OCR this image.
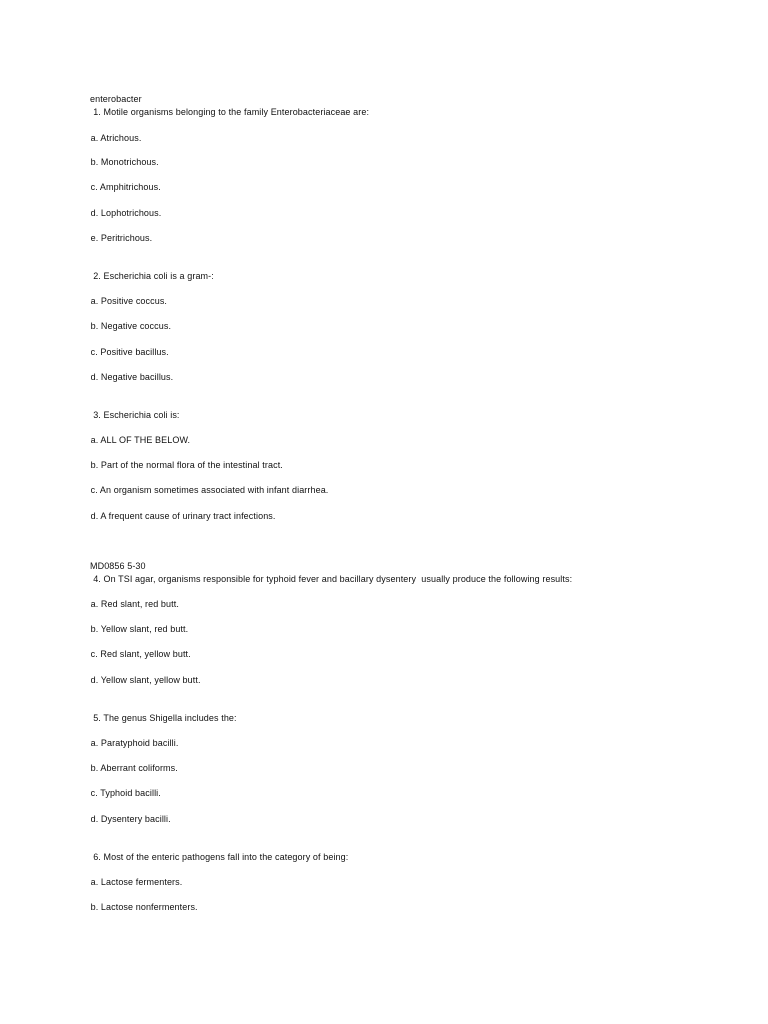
enterobacter
1. Motile organisms belonging to the family Enterobacteriaceae are:
a. Atrichous.
b. Monotrichous.
c. Amphitrichous.
d. Lophotrichous.
e. Peritrichous.
2. Escherichia coli is a gram-:
a. Positive coccus.
b. Negative coccus.
c. Positive bacillus.
d. Negative bacillus.
3. Escherichia coli is:
a. ALL OF THE BELOW.
b. Part of the normal flora of the intestinal tract.
c. An organism sometimes associated with infant diarrhea.
d. A frequent cause of urinary tract infections.
MD0856 5-30
4. On TSI agar, organisms responsible for typhoid fever and bacillary dysentery  usually produce the following results:
a. Red slant, red butt.
b. Yellow slant, red butt.
c. Red slant, yellow butt.
d. Yellow slant, yellow butt.
5. The genus Shigella includes the:
a. Paratyphoid bacilli.
b. Aberrant coliforms.
c. Typhoid bacilli.
d. Dysentery bacilli.
6. Most of the enteric pathogens fall into the category of being:
a. Lactose fermenters.
b. Lactose nonfermenters.
